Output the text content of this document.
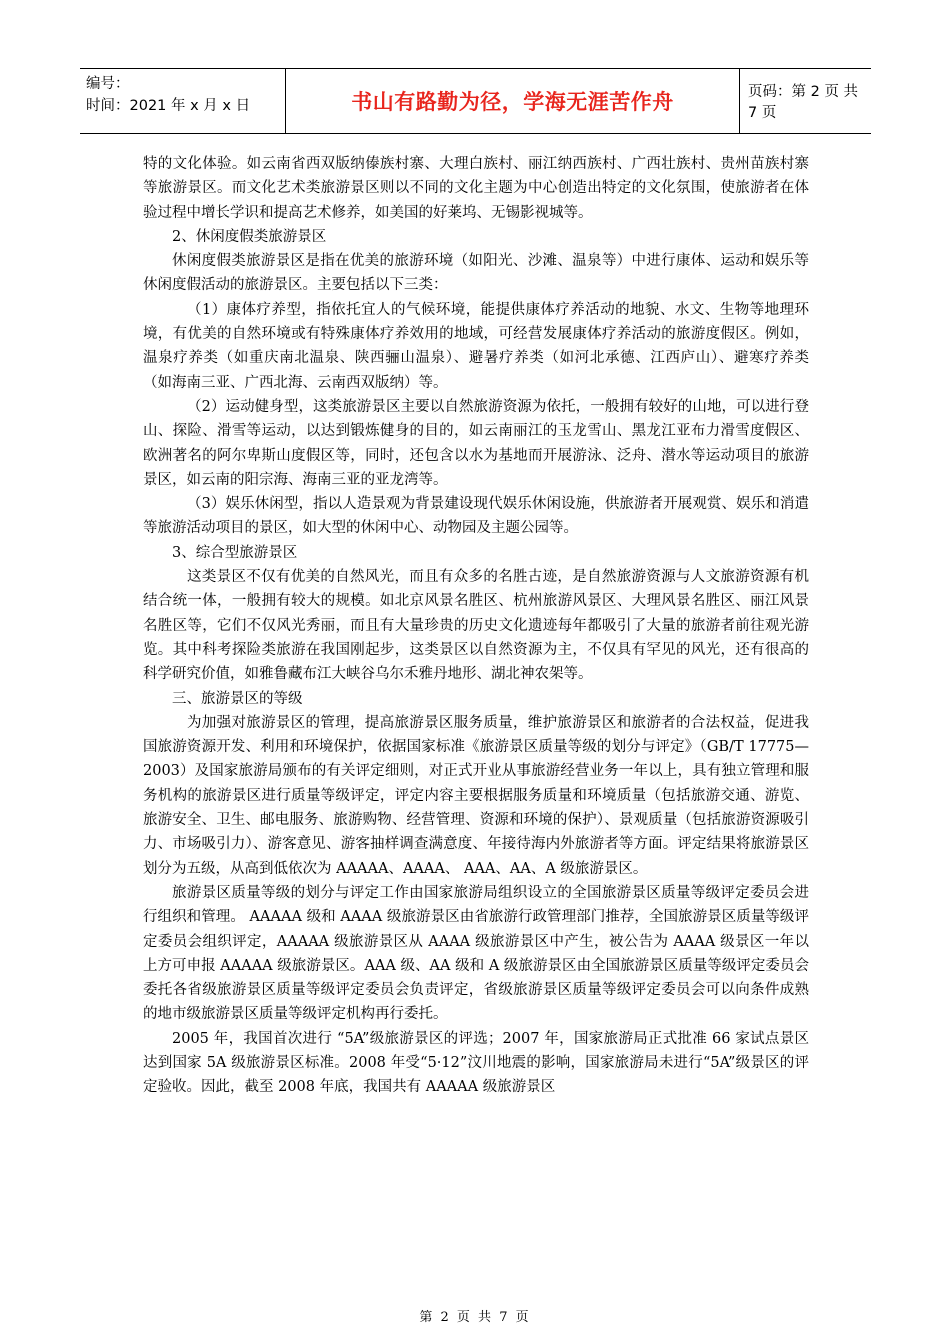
编号：
时间：2021 年 x 月 x 日	书山有路勤为径，学海无涯苦作舟	页码：第 2 页 共 7 页

特的文化体验。如云南省西双版纳傣族村寨、大理白族村、丽江纳西族村、广西壮族村、贵州苗族村寨等旅游景区。而文化艺术类旅游景区则以不同的文化主题为中心创造出特定的文化氛围，使旅游者在体验过程中增长学识和提高艺术修养，如美国的好莱坞、无锡影视城等。

2、休闲度假类旅游景区

休闲度假类旅游景区是指在优美的旅游环境（如阳光、沙滩、温泉等）中进行康体、运动和娱乐等休闲度假活动的旅游景区。主要包括以下三类：

（1）康体疗养型，指依托宜人的气候环境，能提供康体疗养活动的地貌、水文、生物等地理环境，有优美的自然环境或有特殊康体疗养效用的地域，可经营发展康体疗养活动的旅游度假区。例如，温泉疗养类（如重庆南北温泉、陕西骊山温泉）、避暑疗养类（如河北承德、江西庐山）、避寒疗养类（如海南三亚、广西北海、云南西双版纳）等。

（2）运动健身型，这类旅游景区主要以自然旅游资源为依托，一般拥有较好的山地，可以进行登山、探险、滑雪等运动，以达到锻炼健身的目的，如云南丽江的玉龙雪山、黑龙江亚布力滑雪度假区、欧洲著名的阿尔卑斯山度假区等，同时，还包含以水为基地而开展游泳、泛舟、潜水等运动项目的旅游景区，如云南的阳宗海、海南三亚的亚龙湾等。

（3）娱乐休闲型，指以人造景观为背景建设现代娱乐休闲设施，供旅游者开展观赏、娱乐和消遣等旅游活动项目的景区，如大型的休闲中心、动物园及主题公园等。

3、综合型旅游景区

这类景区不仅有优美的自然风光，而且有众多的名胜古迹，是自然旅游资源与人文旅游资源有机结合统一体，一般拥有较大的规模。如北京风景名胜区、杭州旅游风景区、大理风景名胜区、丽江风景名胜区等，它们不仅风光秀丽，而且有大量珍贵的历史文化遗迹每年都吸引了大量的旅游者前往观光游览。其中科考探险类旅游在我国刚起步，这类景区以自然资源为主，不仅具有罕见的风光，还有很高的科学研究价值，如雅鲁藏布江大峡谷乌尔禾雅丹地形、湖北神农架等。

三、旅游景区的等级

为加强对旅游景区的管理，提高旅游景区服务质量，维护旅游景区和旅游者的合法权益，促进我国旅游资源开发、利用和环境保护，依据国家标准《旅游景区质量等级的划分与评定》（GB/T 17775—2003）及国家旅游局颁布的有关评定细则，对正式开业从事旅游经营业务一年以上，具有独立管理和服务机构的旅游景区进行质量等级评定，评定内容主要根据服务质量和环境质量（包括旅游交通、游览、旅游安全、卫生、邮电服务、旅游购物、经营管理、资源和环境的保护）、景观质量（包括旅游资源吸引力、市场吸引力）、游客意见、游客抽样调查满意度、年接待海内外旅游者等方面。评定结果将旅游景区划分为五级，从高到低依次为 AAAAA、AAAA、 AAA、AA、A 级旅游景区。

旅游景区质量等级的划分与评定工作由国家旅游局组织设立的全国旅游景区质量等级评定委员会进行组织和管理。 AAAAA 级和 AAAA 级旅游景区由省旅游行政管理部门推荐，全国旅游景区质量等级评定委员会组织评定，AAAAA 级旅游景区从 AAAA 级旅游景区中产生，被公告为 AAAA 级景区一年以上方可申报 AAAAA 级旅游景区。AAA 级、AA 级和 A 级旅游景区由全国旅游景区质量等级评定委员会委托各省级旅游景区质量等级评定委员会负责评定，省级旅游景区质量等级评定委员会可以向条件成熟的地市级旅游景区质量等级评定机构再行委托。

2005 年，我国首次进行 “5A”级旅游景区的评选；2007 年，国家旅游局正式批准 66 家试点景区达到国家 5A 级旅游景区标准。2008 年受“5·12”汶川地震的影响，国家旅游局未进行“5A”级景区的评定验收。因此，截至 2008 年底，我国共有 AAAAA 级旅游景区

第 2 页 共 7 页
